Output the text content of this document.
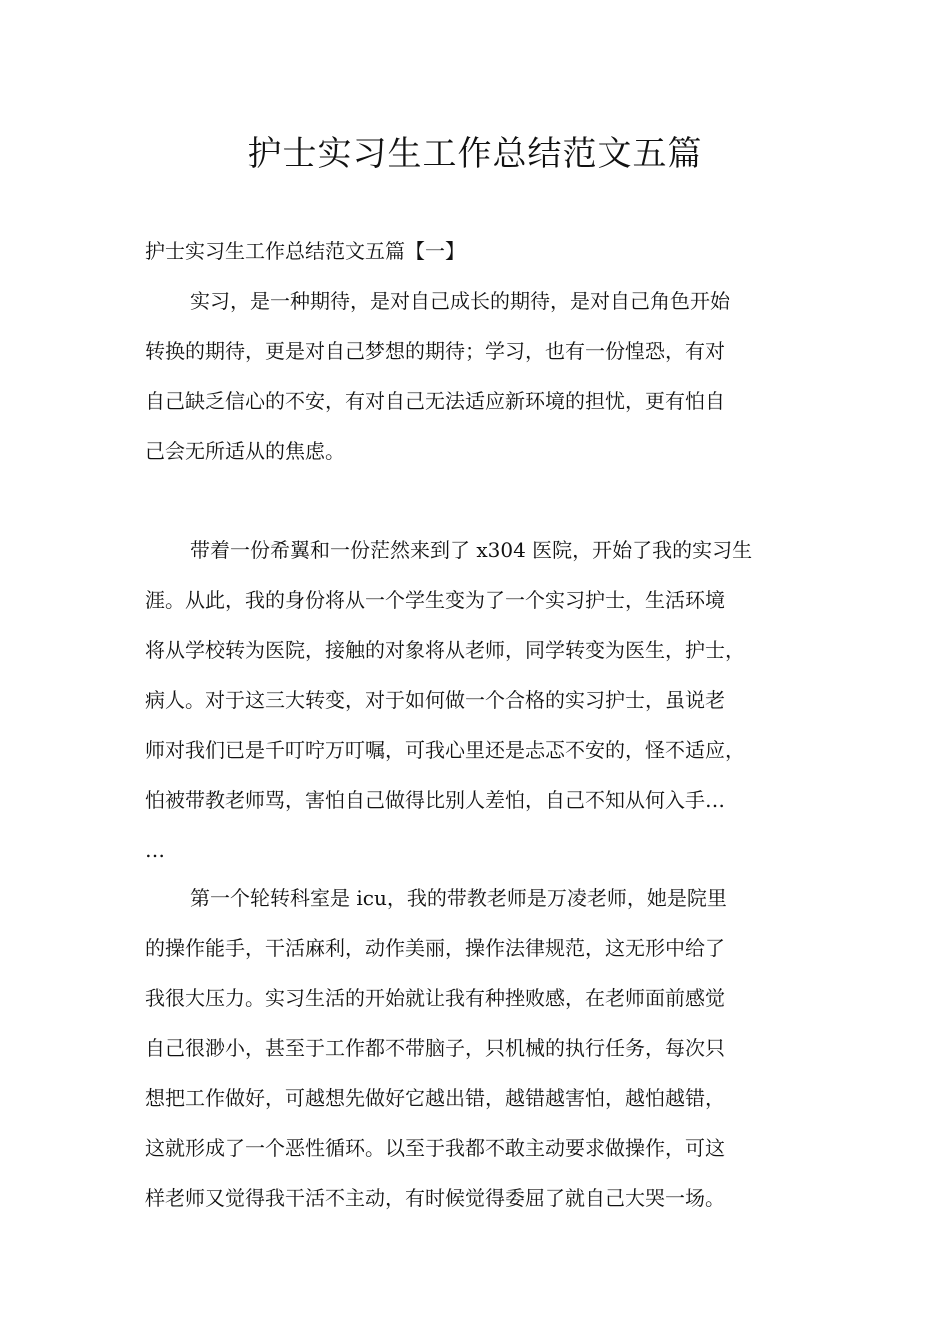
护士实习生工作总结范文五篇

护士实习生工作总结范文五篇【一】

实习，是一种期待，是对自己成长的期待，是对自己角色开始
转换的期待，更是对自己梦想的期待；学习，也有一份惶恐，有对
自己缺乏信心的不安，有对自己无法适应新环境的担忧，更有怕自
己会无所适从的焦虑。
带着一份希翼和一份茫然来到了 x304 医院，开始了我的实习生
涯。从此，我的身份将从一个学生变为了一个实习护士，生活环境
将从学校转为医院，接触的对象将从老师，同学转变为医生，护士，
病人。对于这三大转变，对于如何做一个合格的实习护士，虽说老
师对我们已是千叮咛万叮嘱，可我心里还是忐忑不安的，怪不适应，
怕被带教老师骂，害怕自己做得比别人差怕，自己不知从何入手…
…
第一个轮转科室是 icu，我的带教老师是万凌老师，她是院里
的操作能手，干活麻利，动作美丽，操作法律规范，这无形中给了
我很大压力。实习生活的开始就让我有种挫败感，在老师面前感觉
自己很渺小，甚至于工作都不带脑子，只机械的执行任务，每次只
想把工作做好，可越想先做好它越出错，越错越害怕，越怕越错，
这就形成了一个恶性循环。以至于我都不敢主动要求做操作，可这
样老师又觉得我干活不主动，有时候觉得委屈了就自己大哭一场。
